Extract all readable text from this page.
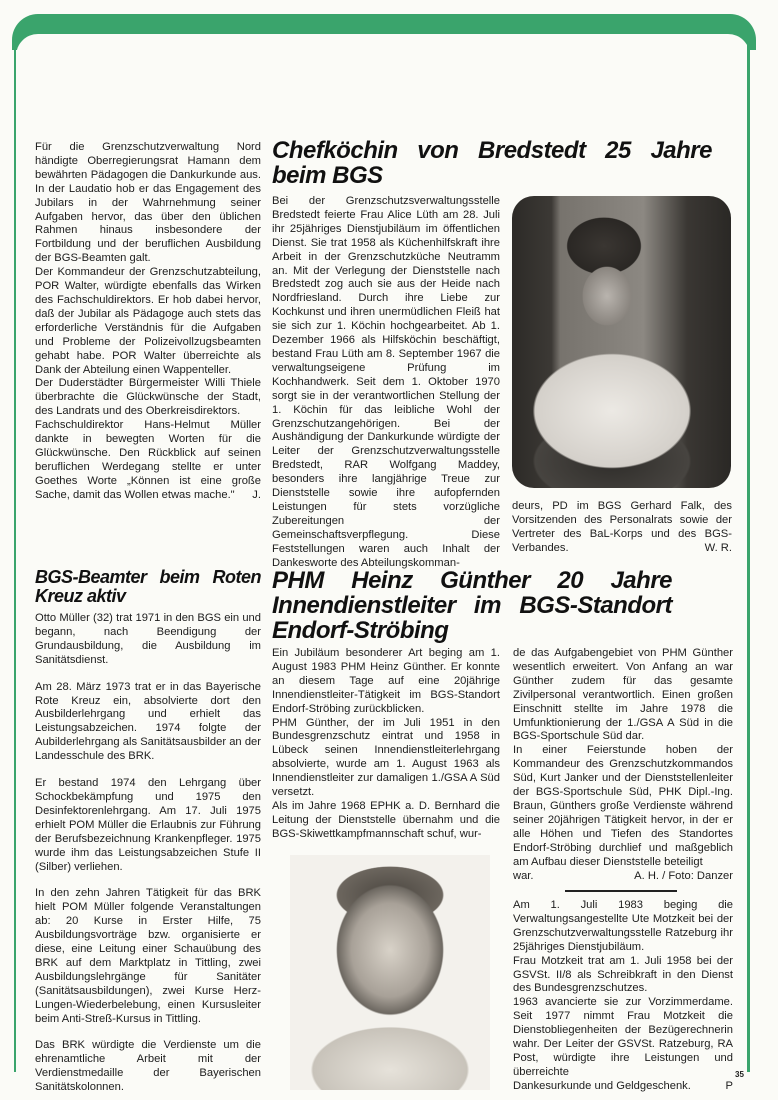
Für die Grenzschutzverwaltung Nord händigte Oberregierungsrat Hamann dem bewährten Pädagogen die Dankurkunde aus. In der Laudatio hob er das Engagement des Jubilars in der Wahrnehmung seiner Aufgaben hervor, das über den üblichen Rahmen hinaus insbesondere der Fortbildung und der beruflichen Ausbildung der BGS-Beamten galt.

Der Kommandeur der Grenzschutzabteilung, POR Walter, würdigte ebenfalls das Wirken des Fachschuldirektors. Er hob dabei hervor, daß der Jubilar als Pädagoge auch stets das erforderliche Verständnis für die Aufgaben und Probleme der Polizeivollzugsbeamten gehabt habe. POR Walter überreichte als Dank der Abteilung einen Wappenteller.

Der Duderstädter Bürgermeister Willi Thiele überbrachte die Glückwünsche der Stadt, des Landrats und des Oberkreisdirektors.

Fachschuldirektor Hans-Helmut Müller dankte in bewegten Worten für die Glückwünsche. Den Rückblick auf seinen beruflichen Werdegang stellte er unter Goethes Worte „Können ist eine große Sache, damit das Wollen etwas mache." J.

Chefköchin von Bredstedt 25 Jahre beim BGS

Bei der Grenzschutzsverwaltungsstelle Bredstedt feierte Frau Alice Lüth am 28. Juli ihr 25jähriges Dienstjubiläum im öffentlichen Dienst. Sie trat 1958 als Küchenhilfskraft ihre Arbeit in der Grenzschutzküche Neutramm an. Mit der Verlegung der Dienststelle nach Bredstedt zog auch sie aus der Heide nach Nordfriesland. Durch ihre Liebe zur Kochkunst und ihren unermüdlichen Fleiß hat sie sich zur 1. Köchin hochgearbeitet. Ab 1. Dezember 1966 als Hilfsköchin beschäftigt, bestand Frau Lüth am 8. September 1967 die verwaltungseigene Prüfung im Kochhandwerk. Seit dem 1. Oktober 1970 sorgt sie in der verantwortlichen Stellung der 1. Köchin für das leibliche Wohl der Grenzschutzangehörigen. Bei der Aushändigung der Dankurkunde würdigte der Leiter der Grenzschutzverwaltungsstelle Bredstedt, RAR Wolfgang Maddey, besonders ihre langjährige Treue zur Dienststelle sowie ihre aufopfernden Leistungen für stets vorzügliche Zubereitungen der Gemeinschaftsverpflegung. Diese Feststellungen waren auch Inhalt der Dankesworte des Abteilungskomman-

deurs, PD im BGS Gerhard Falk, des Vorsitzenden des Personalrats sowie der Vertreter des BaL-Korps und des BGS-Verbandes.	W. R.

BGS-Beamter beim Roten Kreuz aktiv

Otto Müller (32) trat 1971 in den BGS ein und begann, nach Beendigung der Grundausbildung, die Ausbildung im Sanitätsdienst.

Am 28. März 1973 trat er in das Bayerische Rote Kreuz ein, absolvierte dort den Ausbilderlehrgang und erhielt das Leistungsabzeichen. 1974 folgte der Aubilderlehrgang als Sanitätsausbilder an der Landesschule des BRK.

Er bestand 1974 den Lehrgang über Schockbekämpfung und 1975 den Desinfektorenlehrgang. Am 17. Juli 1975 erhielt POM Müller die Erlaubnis zur Führung der Berufsbezeichnung Krankenpfleger. 1975 wurde ihm das Leistungsabzeichen Stufe II (Silber) verliehen.

In den zehn Jahren Tätigkeit für das BRK hielt POM Müller folgende Veranstaltungen ab: 20 Kurse in Erster Hilfe, 75 Ausbildungsvorträge bzw. organisierte er diese, eine Leitung einer Schauübung des BRK auf dem Marktplatz in Tittling, zwei Ausbildungslehrgänge für Sanitäter (Sanitätsausbildungen), zwei Kurse Herz-Lungen-Wiederbelebung, einen Kursusleiter beim Anti-Streß-Kursus in Tittling.

Das BRK würdigte die Verdienste um die ehrenamtliche Arbeit mit der Verdienstmedaille der Bayerischen Sanitätskolonnen.

PHM Heinz Günther 20 Jahre Innendienstleiter im BGS-Standort Endorf-Ströbing

Ein Jubiläum besonderer Art beging am 1. August 1983 PHM Heinz Günther. Er konnte an diesem Tage auf eine 20jährige Innendienstleiter-Tätigkeit im BGS-Standort Endorf-Ströbing zurückblicken.

PHM Günther, der im Juli 1951 in den Bundesgrenzschutz eintrat und 1958 in Lübeck seinen Innendienstleiterlehrgang absolvierte, wurde am 1. August 1963 als Innendienstleiter zur damaligen 1./GSA A Süd versetzt.

Als im Jahre 1968 EPHK a. D. Bernhard die Leitung der Dienststelle übernahm und die BGS-Skiwettkampfmannschaft schuf, wur-

de das Aufgabengebiet von PHM Günther wesentlich erweitert. Von Anfang an war Günther zudem für das gesamte Zivilpersonal verantwortlich. Einen großen Einschnitt stellte im Jahre 1978 die Umfunktionierung der 1./GSA A Süd in die BGS-Sportschule Süd dar.

In einer Feierstunde hoben der Kommandeur des Grenzschutzkommandos Süd, Kurt Janker und der Dienststellenleiter der BGS-Sportschule Süd, PHK Dipl.-Ing. Braun, Günthers große Verdienste während seiner 20jährigen Tätigkeit hervor, in der er alle Höhen und Tiefen des Standortes Endorf-Ströbing durchlief und maßgeblich am Aufbau dieser Dienststelle beteiligt

war.	A. H. / Foto: Danzer

Am 1. Juli 1983 beging die Verwaltungsangestellte Ute Motzkeit bei der Grenzschutzverwaltungsstelle Ratzeburg ihr 25jähriges Dienstjubiläum.

Frau Motzkeit trat am 1. Juli 1958 bei der GSVSt. II/8 als Schreibkraft in den Dienst des Bundesgrenzschutzes.

1963 avancierte sie zur Vorzimmerdame. Seit 1977 nimmt Frau Motzkeit die Dienstobliegenheiten der Bezügerechnerin wahr. Der Leiter der GSVSt. Ratzeburg, RA Post, würdigte ihre Leistungen und überreichte

Dankesurkunde und Geldgeschenk.	P
35
